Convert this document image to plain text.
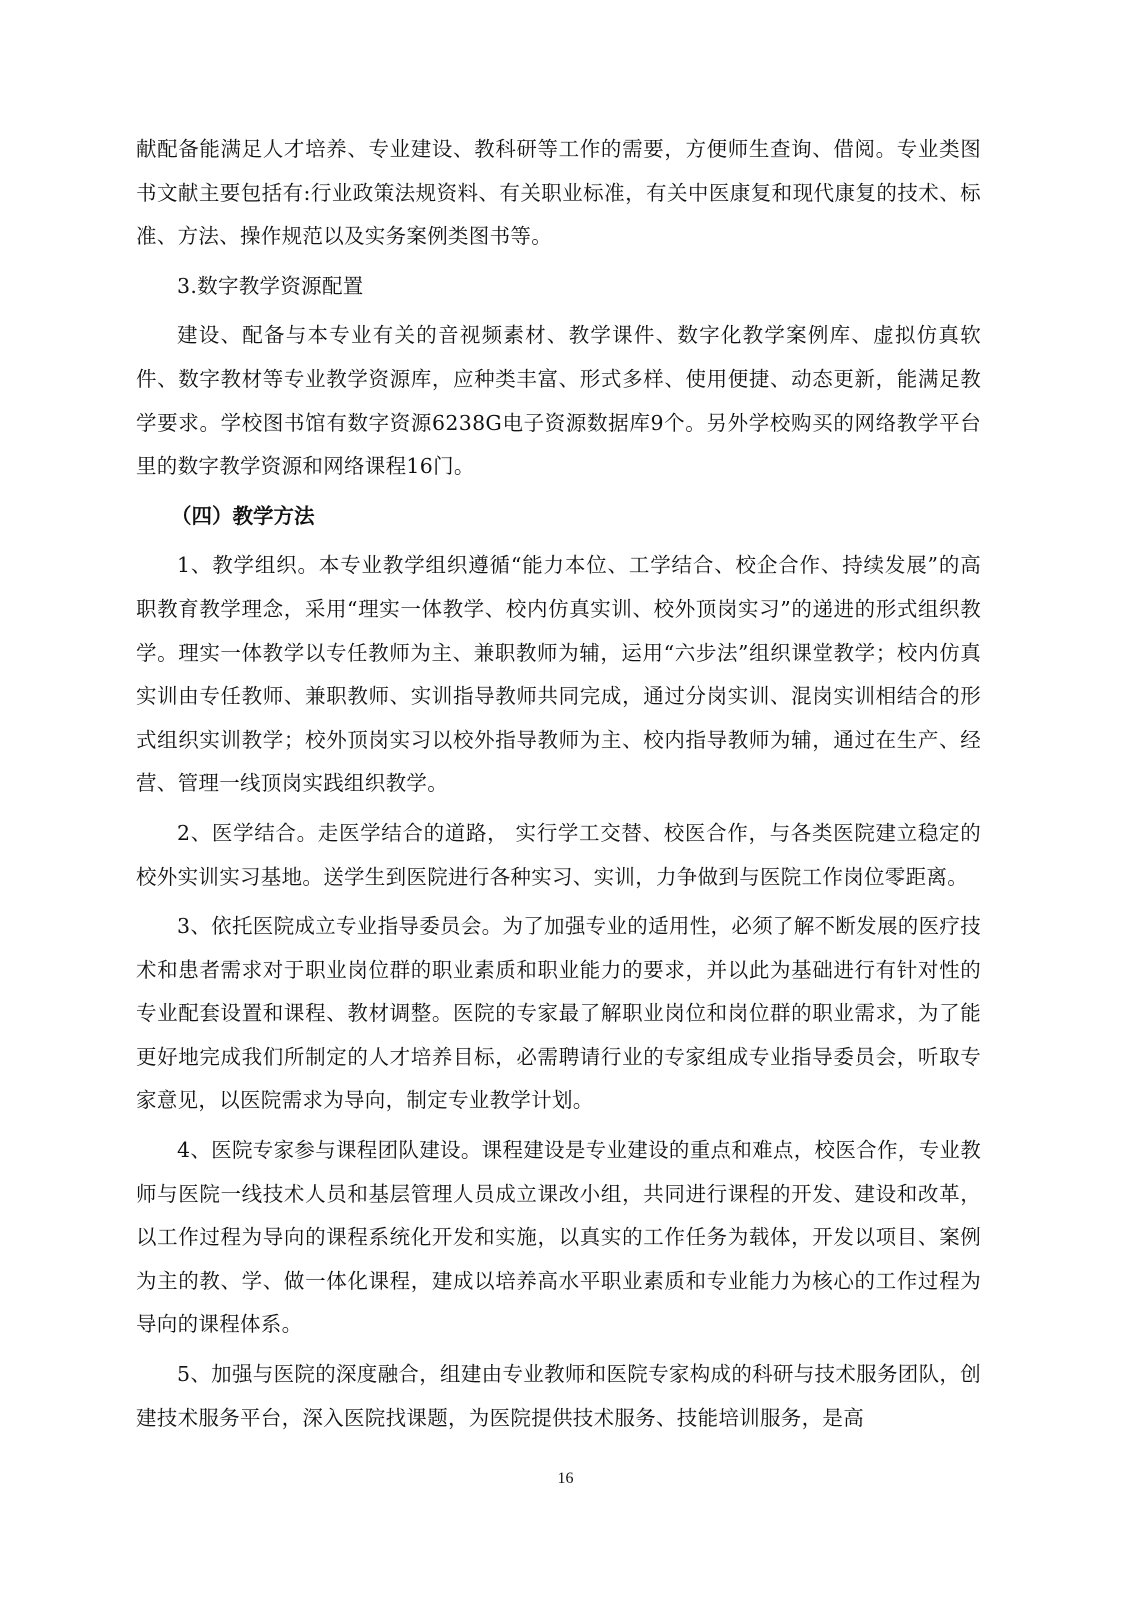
献配备能满足人才培养、专业建设、教科研等工作的需要，方便师生查询、借阅。专业类图书文献主要包括有:行业政策法规资料、有关职业标准，有关中医康复和现代康复的技术、标准、方法、操作规范以及实务案例类图书等。

3.数字教学资源配置

建设、配备与本专业有关的音视频素材、教学课件、数字化教学案例库、虚拟仿真软件、数字教材等专业教学资源库，应种类丰富、形式多样、使用便捷、动态更新，能满足教学要求。学校图书馆有数字资源6238G电子资源数据库9个。另外学校购买的网络教学平台里的数字教学资源和网络课程16门。

（四）教学方法

1、教学组织。本专业教学组织遵循“能力本位、工学结合、校企合作、持续发展”的高职教育教学理念，采用“理实一体教学、校内仿真实训、校外顶岗实习”的递进的形式组织教学。理实一体教学以专任教师为主、兼职教师为辅，运用“六步法”组织课堂教学；校内仿真实训由专任教师、兼职教师、实训指导教师共同完成，通过分岗实训、混岗实训相结合的形式组织实训教学；校外顶岗实习以校外指导教师为主、校内指导教师为辅，通过在生产、经营、管理一线顶岗实践组织教学。

2、医学结合。走医学结合的道路， 实行学工交替、校医合作，与各类医院建立稳定的校外实训实习基地。送学生到医院进行各种实习、实训，力争做到与医院工作岗位零距离。

3、依托医院成立专业指导委员会。为了加强专业的适用性，必须了解不断发展的医疗技术和患者需求对于职业岗位群的职业素质和职业能力的要求，并以此为基础进行有针对性的专业配套设置和课程、教材调整。医院的专家最了解职业岗位和岗位群的职业需求，为了能更好地完成我们所制定的人才培养目标，必需聘请行业的专家组成专业指导委员会，听取专家意见，以医院需求为导向，制定专业教学计划。

4、医院专家参与课程团队建设。课程建设是专业建设的重点和难点，校医合作，专业教师与医院一线技术人员和基层管理人员成立课改小组，共同进行课程的开发、建设和改革，以工作过程为导向的课程系统化开发和实施，以真实的工作任务为载体，开发以项目、案例为主的教、学、做一体化课程，建成以培养高水平职业素质和专业能力为核心的工作过程为导向的课程体系。

5、加强与医院的深度融合，组建由专业教师和医院专家构成的科研与技术服务团队，创建技术服务平台，深入医院找课题，为医院提供技术服务、技能培训服务，是高

16
